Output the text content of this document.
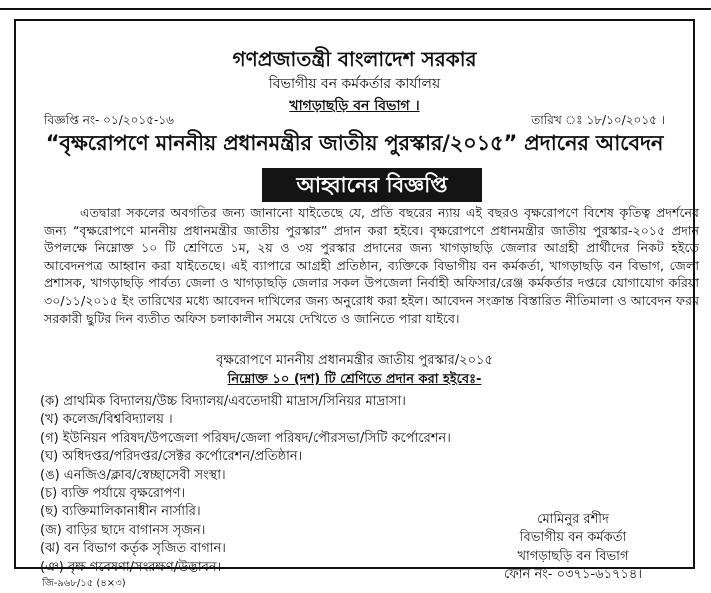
গণপ্রজাতন্ত্রী বাংলাদেশ সরকার
বিভাগীয় বন কর্মকর্তার কার্যালয়
খাগড়াছড়ি বন বিভাগ ।
বিজ্ঞপ্তি নং- ০১/২০১৫-১৬	তারিখ ঃ ১৮/১০/২০১৫ ।
“বৃক্ষরোপণে মাননীয় প্রধানমন্ত্রীর জাতীয় পুরস্কার/২০১৫” প্রদানের আবেদন
আহ্বানের বিজ্ঞপ্তি

এতদ্বারা সকলের অবগতির জন্য জানানো যাইতেছে যে, প্রতি বছরের ন্যায় এই বছরও বৃক্ষরোপণে বিশেষ কৃতিত্ব প্রদর্শনের জন্য “বৃক্ষরোপণে মাননীয় প্রধানমন্ত্রীর জাতীয় পুরস্কার” প্রদান করা হইবে। বৃক্ষরোপণে প্রধানমন্ত্রীর জাতীয় পুরস্কার-২০১৫ প্রদান উপলক্ষে নিম্নোক্ত ১০ টি শ্রেণিতে ১ম, ২য় ও ৩য় পুরস্কার প্রদানের জন্য খাগড়াছড়ি জেলার আগ্রহী প্রার্থীদের নিকট হইতে আবেদনপত্র আহ্বান করা যাইতেছে। এই ব্যাপারে আগ্রহী প্রতিষ্ঠান, ব্যক্তিকে বিভাগীয় বন কর্মকর্তা, খাগড়াছড়ি বন বিভাগ, জেলা প্রশাসক, খাগড়াছড়ি পার্বত্য জেলা ও খাগড়াছড়ি জেলার সকল উপজেলা নির্বাহী অফিসার/রেঞ্জ কর্মকর্তার দপ্তরে যোগাযোগ করিয়া ৩০/১১/২০১৫ ইং তারিখের মধ্যে আবেদন দাখিলের জন্য অনুরোধ করা হইল। আবেদন সংক্রান্ত বিস্তারিত নীতিমালা ও আবেদন ফরম সরকারী ছুটির দিন ব্যতীত অফিস চলাকালীন সময়ে দেখিতে ও জানিতে পারা যাইবে।

বৃক্ষরোপণে মাননীয় প্রধানমন্ত্রীর জাতীয় পুরস্কার/২০১৫
নিম্নোক্ত ১০ (দশ) টি শ্রেণিতে প্রদান করা হইবেঃ-
(ক) প্রাথমিক বিদ্যালয়/উচ্চ বিদ্যালয়/এবতেদায়ী মাদ্রাস/সিনিয়র মাদ্রাসা।
(খ) কলেজ/বিশ্ববিদ্যালয় ।
(গ) ইউনিয়ন পরিষদ/উপজেলা পরিষদ/জেলা পরিষদ/পৌরসভা/সিটি কর্পোরেশন।
(ঘ) অধিদপ্তর/পরিদপ্তর/সেক্টর কর্পোরেশন/প্রতিষ্ঠান।
(ঙ) এনজিও/ক্লাব/স্বেচ্ছাসেবী সংস্থা।
(চ) ব্যক্তি পর্যায়ে বৃক্ষরোপণ।
(ছ) ব্যক্তিমালিকানাধীন নার্সারি।
(জ) বাড়ির ছাদে বাগানস সৃজন।
(ঝ) বন বিভাগ কর্তৃক সৃজিত বাগান।
(ঞ) বৃক্ষ গবেষণা/সংরক্ষণ/উদ্ভাবন।
মোমিনুর রশীদ
বিভাগীয় বন কর্মকর্তা
খাগড়াছড়ি বন বিভাগ
ফোন নং- ০৩৭১-৬১৭১৪।
জি-৯৬৮/১৫ (৪×৩)
